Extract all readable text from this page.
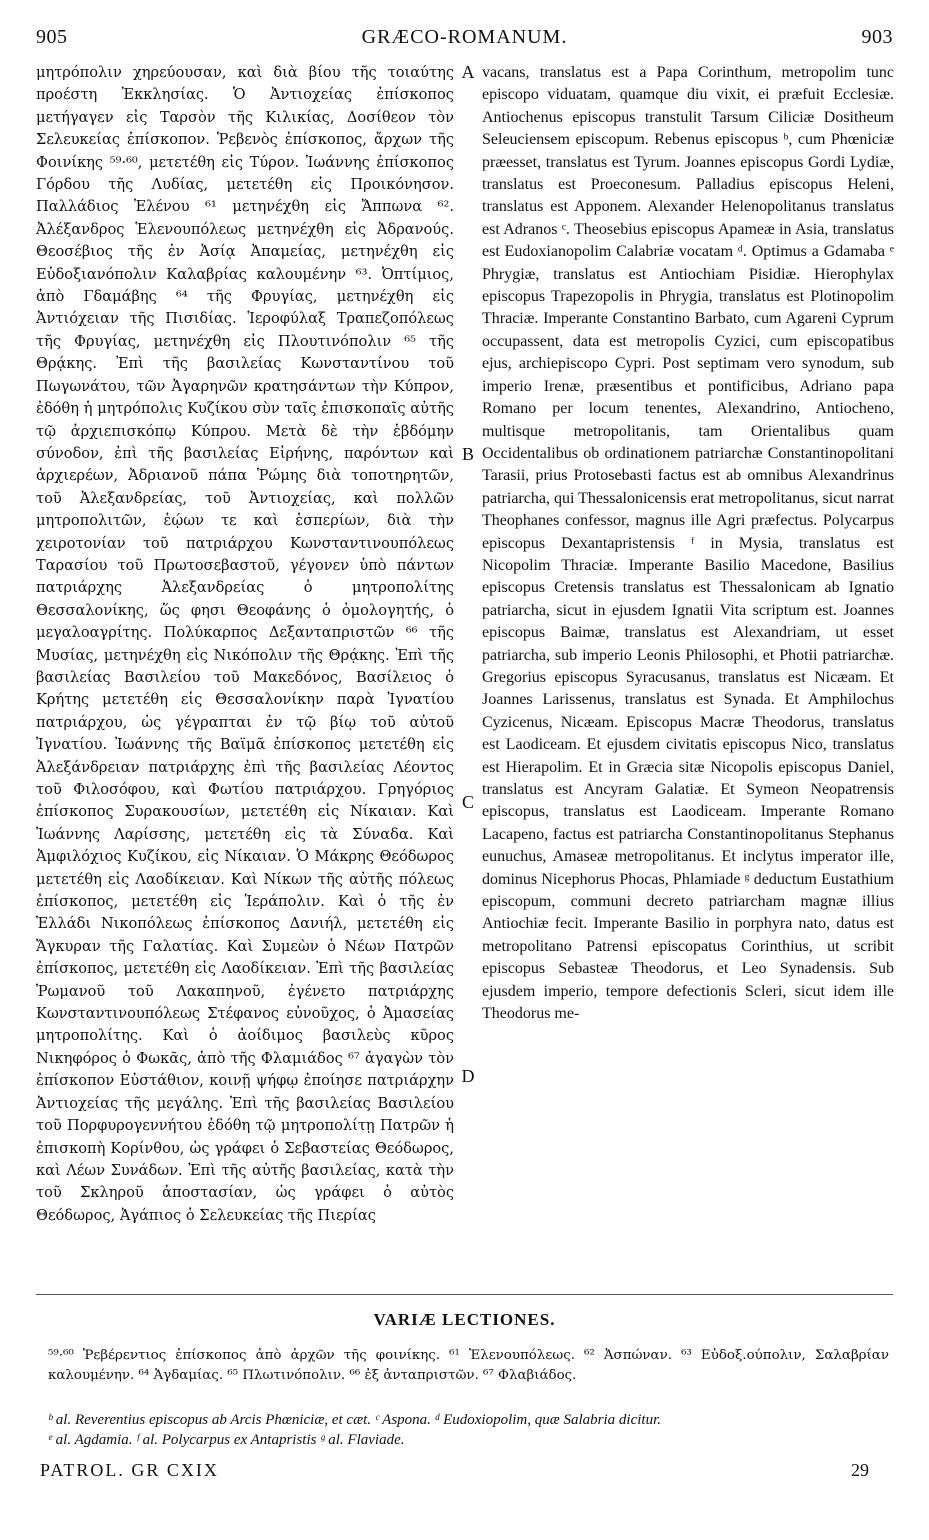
905	GRÆCO-ROMANUM.	903
μητρόπολιν χηρεύουσαν, καὶ διὰ βίου τῆς τοιαύτης προέστη Ἐκκλησίας. Ὁ Ἀντιοχείας ἐπίσκοπος μετήγαγεν εἰς Ταρσὸν τῆς Κιλικίας, Δοσίθεον τὸν Σελευκείας ἐπίσκοπον. Ῥεβενὸς ἐπίσκοπος, ἄρχων τῆς Φοινίκης ⁵⁹·⁶⁰, μετετέθη εἰς Τύρον. Ἰωάννης ἐπίσκοπος Γόρδου τῆς Λυδίας, μετετέθη εἰς Προικόνησον. Παλλάδιος Ἑλένου ⁶¹ μετηνέχθη εἰς Ἄππωνα ⁶². Ἀλέξανδρος Ἑλενουπόλεως μετηνέχθη εἰς Ἀδρανούς. Θεοσέβιος τῆς ἐν Ἀσίᾳ Ἀπαμείας, μετηνέχθη εἰς Εὐδοξιανόπολιν Καλαβρίας καλουμένην ⁶³. Ὀπτίμιος, ἀπὸ Γδαμάβης ⁶⁴ τῆς Φρυγίας, μετηνέχθη εἰς Ἀντιόχειαν τῆς Πισιδίας. Ἱεροφύλαξ Τραπεζοπόλεως τῆς Φρυγίας, μετηνέχθη εἰς Πλουτινόπολιν ⁶⁵ τῆς Θρᾴκης. Ἐπὶ τῆς βασιλείας Κωνσταντίνου τοῦ Πωγωνάτου, τῶν Ἀγαρηνῶν κρατησάντων τὴν Κύπρον, ἐδόθη ἡ μητρόπολις Κυζίκου σὺν ταῖς ἐπισκοπαῖς αὐτῆς τῷ ἀρχιεπισκόπῳ Κύπρου. Μετὰ δὲ τὴν ἑβδόμην σύνοδον, ἐπὶ τῆς βασιλείας Εἰρήνης, παρόντων καὶ ἀρχιερέων, Ἀδριανοῦ πάπα Ῥώμης διὰ τοποτηρητῶν, τοῦ Ἀλεξανδρείας, τοῦ Ἀντιοχείας, καὶ πολλῶν μητροπολιτῶν, ἑῴων τε καὶ ἑσπερίων, διὰ τὴν χειροτονίαν τοῦ πατριάρχου Κωνσταντινουπόλεως Ταρασίου τοῦ Πρωτοσεβαστοῦ, γέγονεν ὑπὸ πάντων πατριάρχης Ἀλεξανδρείας ὁ μητροπολίτης Θεσσαλονίκης, ὥς φησι Θεοφάνης ὁ ὁμολογητής, ὁ μεγαλοαγρίτης. Πολύκαρπος Δεξανταπριστῶν ⁶⁶ τῆς Μυσίας, μετηνέχθη εἰς Νικόπολιν τῆς Θρᾴκης. Ἐπὶ τῆς βασιλείας Βασιλείου τοῦ Μακεδόνος, Βασίλειος ὁ Κρήτης μετετέθη εἰς Θεσσαλονίκην παρὰ Ἰγνατίου πατριάρχου, ὡς γέγραπται ἐν τῷ βίῳ τοῦ αὐτοῦ Ἰγνατίου. Ἰωάννης τῆς Βαϊμᾶ ἐπίσκοπος μετετέθη εἰς Ἀλεξάνδρειαν πατριάρχης ἐπὶ τῆς βασιλείας Λέοντος τοῦ Φιλοσόφου, καὶ Φωτίου πατριάρχου. Γρηγόριος ἐπίσκοπος Συρακουσίων, μετετέθη εἰς Νίκαιαν. Καὶ Ἰωάννης Λαρίσσης, μετετέθη εἰς τὰ Σύναδα. Καὶ Ἀμφιλόχιος Κυζίκου, εἰς Νίκαιαν. Ὁ Μάκρης Θεόδωρος μετετέθη εἰς Λαοδίκειαν. Καὶ Νίκων τῆς αὐτῆς πόλεως ἐπίσκοπος, μετετέθη εἰς Ἱεράπολιν. Καὶ ὁ τῆς ἐν Ἑλλάδι Νικοπόλεως ἐπίσκοπος Δανιήλ, μετετέθη εἰς Ἄγκυραν τῆς Γαλατίας. Καὶ Συμεὼν ὁ Νέων Πατρῶν ἐπίσκοπος, μετετέθη εἰς Λαοδίκειαν. Ἐπὶ τῆς βασιλείας Ῥωμανοῦ τοῦ Λακαπηνοῦ, ἐγένετο πατριάρχης Κωνσταντινουπόλεως Στέφανος εὐνοῦχος, ὁ Ἀμασείας μητροπολίτης. Καὶ ὁ ἀοίδιμος βασιλεὺς κῦρος Νικηφόρος ὁ Φωκᾶς, ἀπὸ τῆς Φλαμιάδος ⁶⁷ ἀγαγὼν τὸν ἐπίσκοπον Εὐστάθιον, κοινῇ ψήφῳ ἐποίησε πατριάρχην Ἀντιοχείας τῆς μεγάλης. Ἐπὶ τῆς βασιλείας Βασιλείου τοῦ Πορφυρογεννήτου ἐδόθη τῷ μητροπολίτῃ Πατρῶν ἡ ἐπισκοπὴ Κορίνθου, ὡς γράφει ὁ Σεβαστείας Θεόδωρος, καὶ Λέων Συνάδων. Ἐπὶ τῆς αὐτῆς βασιλείας, κατὰ τὴν τοῦ Σκληροῦ ἀποστασίαν, ὡς γράφει ὁ αὐτὸς Θεόδωρος, Ἀγάπιος ὁ Σελευκείας τῆς Πιερίας
A
B
C
D
vacans, translatus est a Papa Corinthum, metropolim tunc episcopo viduatam, quamque diu vixit, ei præfuit Ecclesiæ. Antiochenus episcopus transtulit Tarsum Ciliciæ Dositheum Seleuciensem episcopum. Rebenus episcopus ᵇ, cum Phœniciæ præesset, translatus est Tyrum. Joannes episcopus Gordi Lydiæ, translatus est Proeconesum. Palladius episcopus Heleni, translatus est Apponem. Alexander Helenopolitanus translatus est Adranos ᶜ. Theosebius episcopus Apameæ in Asia, translatus est Eudoxianopolim Calabriæ vocatam ᵈ. Optimus a Gdamaba ᵉ Phrygiæ, translatus est Antiochiam Pisidiæ. Hierophylax episcopus Trapezopolis in Phrygia, translatus est Plotinopolim Thraciæ. Imperante Constantino Barbato, cum Agareni Cyprum occupassent, data est metropolis Cyzici, cum episcopatibus ejus, archiepiscopo Cypri. Post septimam vero synodum, sub imperio Irenæ, præsentibus et pontificibus, Adriano papa Romano per locum tenentes, Alexandrino, Antiocheno, multisque metropolitanis, tam Orientalibus quam Occidentalibus ob ordinationem patriarchæ Constantinopolitani Tarasii, prius Protosebasti factus est ab omnibus Alexandrinus patriarcha, qui Thessalonicensis erat metropolitanus, sicut narrat Theophanes confessor, magnus ille Agri præfectus. Polycarpus episcopus Dexantapristensis ᶠ in Mysia, translatus est Nicopolim Thraciæ. Imperante Basilio Macedone, Basilius episcopus Cretensis translatus est Thessalonicam ab Ignatio patriarcha, sicut in ejusdem Ignatii Vita scriptum est. Joannes episcopus Baimæ, translatus est Alexandriam, ut esset patriarcha, sub imperio Leonis Philosophi, et Photii patriarchæ. Gregorius episcopus Syracusanus, translatus est Nicæam. Et Joannes Larissenus, translatus est Synada. Et Amphilochus Cyzicenus, Nicæam. Episcopus Macræ Theodorus, translatus est Laodiceam. Et ejusdem civitatis episcopus Nico, translatus est Hierapolim. Et in Græcia sitæ Nicopolis episcopus Daniel, translatus est Ancyram Galatiæ. Et Symeon Neopatrensis episcopus, translatus est Laodiceam. Imperante Romano Lacapeno, factus est patriarcha Constantinopolitanus Stephanus eunuchus, Amaseæ metropolitanus. Et inclytus imperator ille, dominus Nicephorus Phocas, Phlamiade ᵍ deductum Eustathium episcopum, communi decreto patriarcham magnæ illius Antiochiæ fecit. Imperante Basilio in porphyra nato, datus est metropolitano Patrensi episcopatus Corinthius, ut scribit episcopus Sebasteæ Theodorus, et Leo Synadensis. Sub ejusdem imperio, tempore defectionis Scleri, sicut idem ille Theodorus me-
VARIÆ LECTIONES.
⁵⁹·⁶⁰ Ῥεβέρεντιος ἐπίσκοπος ἀπὸ ἀρχῶν τῆς φοινίκης. ⁶¹ Ἑλενουπόλεως. ⁶² Ἀσπώναν. ⁶³ Εὐδοξ.ούπολιν, Σαλαβρίαν καλουμένην. ⁶⁴ Ἀγδαμίας. ⁶⁵ Πλωτινόπολιν. ⁶⁶ ἐξ ἀνταπριστῶν. ⁶⁷ Φλαβιάδος.
ᵇ al. Reverentius episcopus ab Arcis Phœniciæ, et cæt. ᶜ Aspona. ᵈ Eudoxiopolim, quæ Salabria dicitur.
ᵉ al. Agdamia. ᶠ al. Polycarpus ex Antapristis ᵍ al. Flaviade.
PATROL. GR CXIX	29
